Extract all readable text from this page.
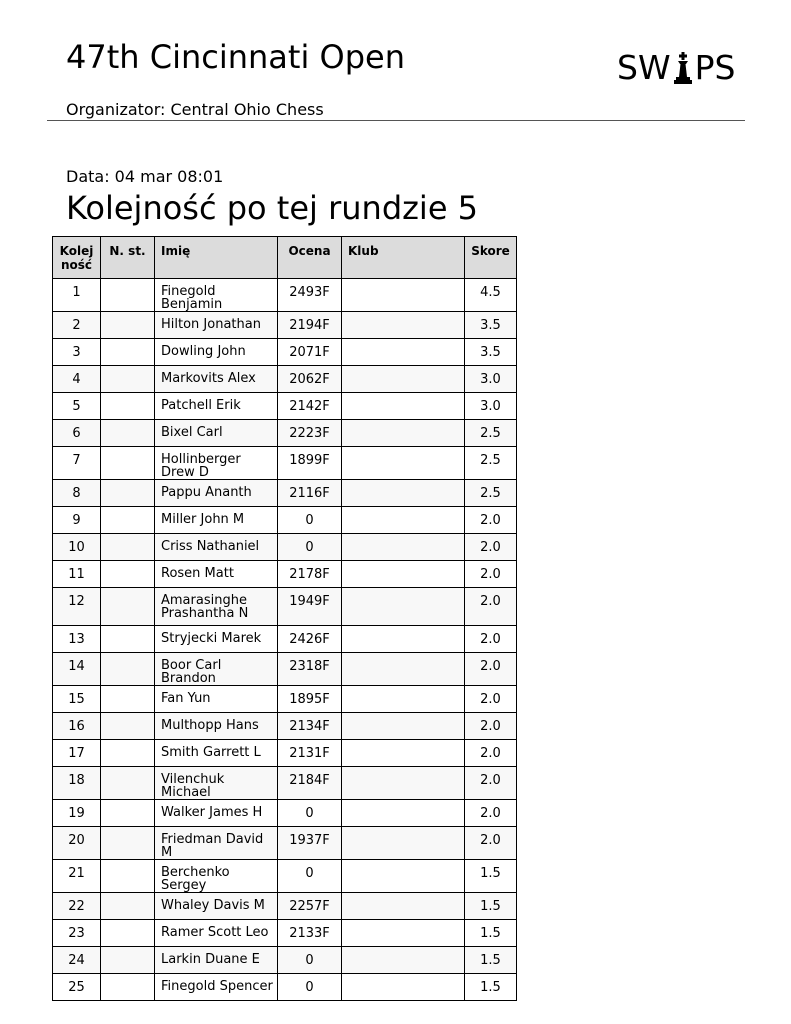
47th Cincinnati Open	SW PS
Organizator: Central Ohio Chess
Data: 04 mar 08:01
Kolejność po tej rundzie 5
Kolej
ność	N. st.	Imię	Ocena	Klub	Skore
1		Finegold Benjamin	2493F		4.5
2		Hilton Jonathan	2194F		3.5
3		Dowling John	2071F		3.5
4		Markovits Alex	2062F		3.0
5		Patchell Erik	2142F		3.0
6		Bixel Carl	2223F		2.5
7		Hollinberger Drew D	1899F		2.5
8		Pappu Ananth	2116F		2.5
9		Miller John M	0		2.0
10		Criss Nathaniel	0		2.0
11		Rosen Matt	2178F		2.0
12		Amarasinghe Prashantha N	1949F		2.0
13		Stryjecki Marek	2426F		2.0
14		Boor Carl Brandon	2318F		2.0
15		Fan Yun	1895F		2.0
16		Multhopp Hans	2134F		2.0
17		Smith Garrett L	2131F		2.0
18		Vilenchuk Michael	2184F		2.0
19		Walker James H	0		2.0
20		Friedman David M	1937F		2.0
21		Berchenko Sergey	0		1.5
22		Whaley Davis M	2257F		1.5
23		Ramer Scott Leo	2133F		1.5
24		Larkin Duane E	0		1.5
25		Finegold Spencer	0		1.5
